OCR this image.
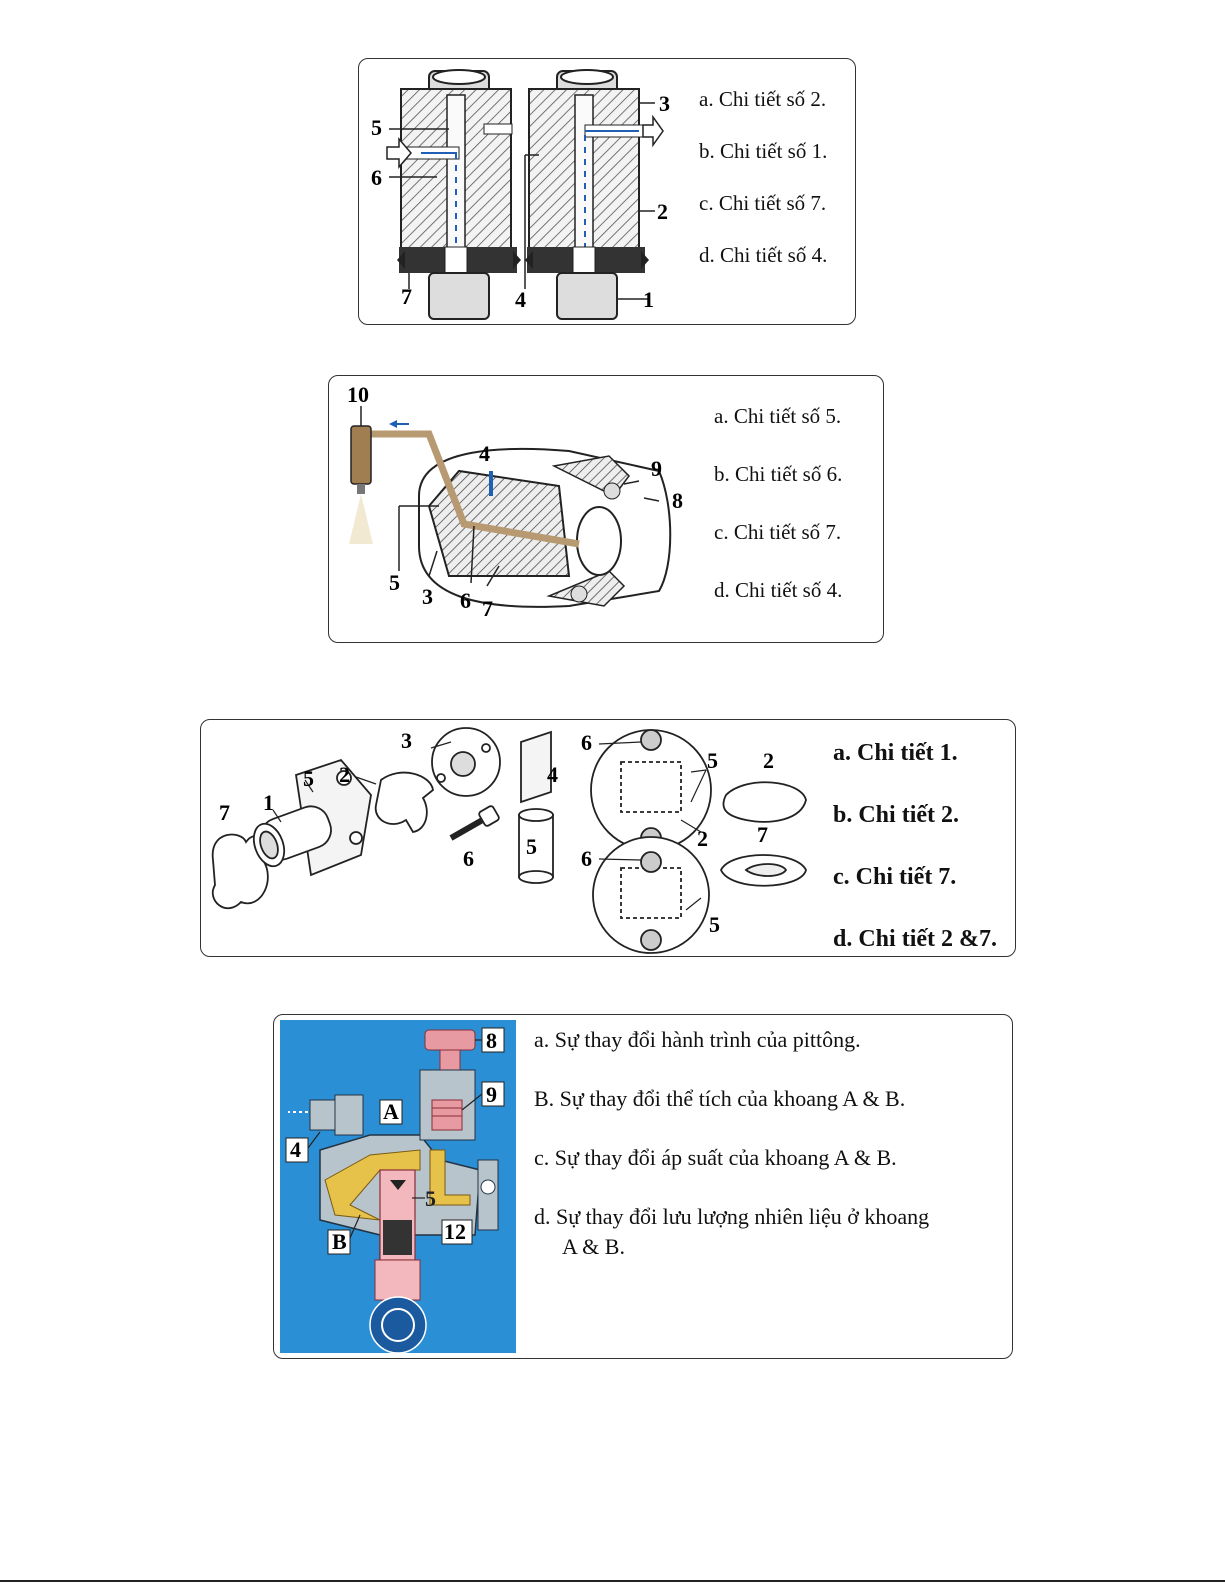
5
6
7	4
3
2
1
a. Chi tiết số 2.
b. Chi tiết số 1.
c. Chi tiết số 7.
d. Chi tiết số 4.
10
4
9
8
5
3 6 7
a. Chi tiết số 5.
b. Chi tiết số 6.
c. Chi tiết số 7.
d. Chi tiết số 4.
7 1
5 2
3
6
4
5
6
5
2
6
5
2
7
a. Chi tiết 1.
b. Chi tiết 2.
c. Chi tiết 7.
d. Chi tiết 2 &7.
8
9
A
4
5
B	12
a. Sự thay đổi hành trình của pittông.
B. Sự thay đổi thể tích của khoang A & B.
c. Sự thay đổi áp suất của khoang A & B.
d. Sự thay đổi lưu lượng nhiên liệu ở khoang
A & B.
